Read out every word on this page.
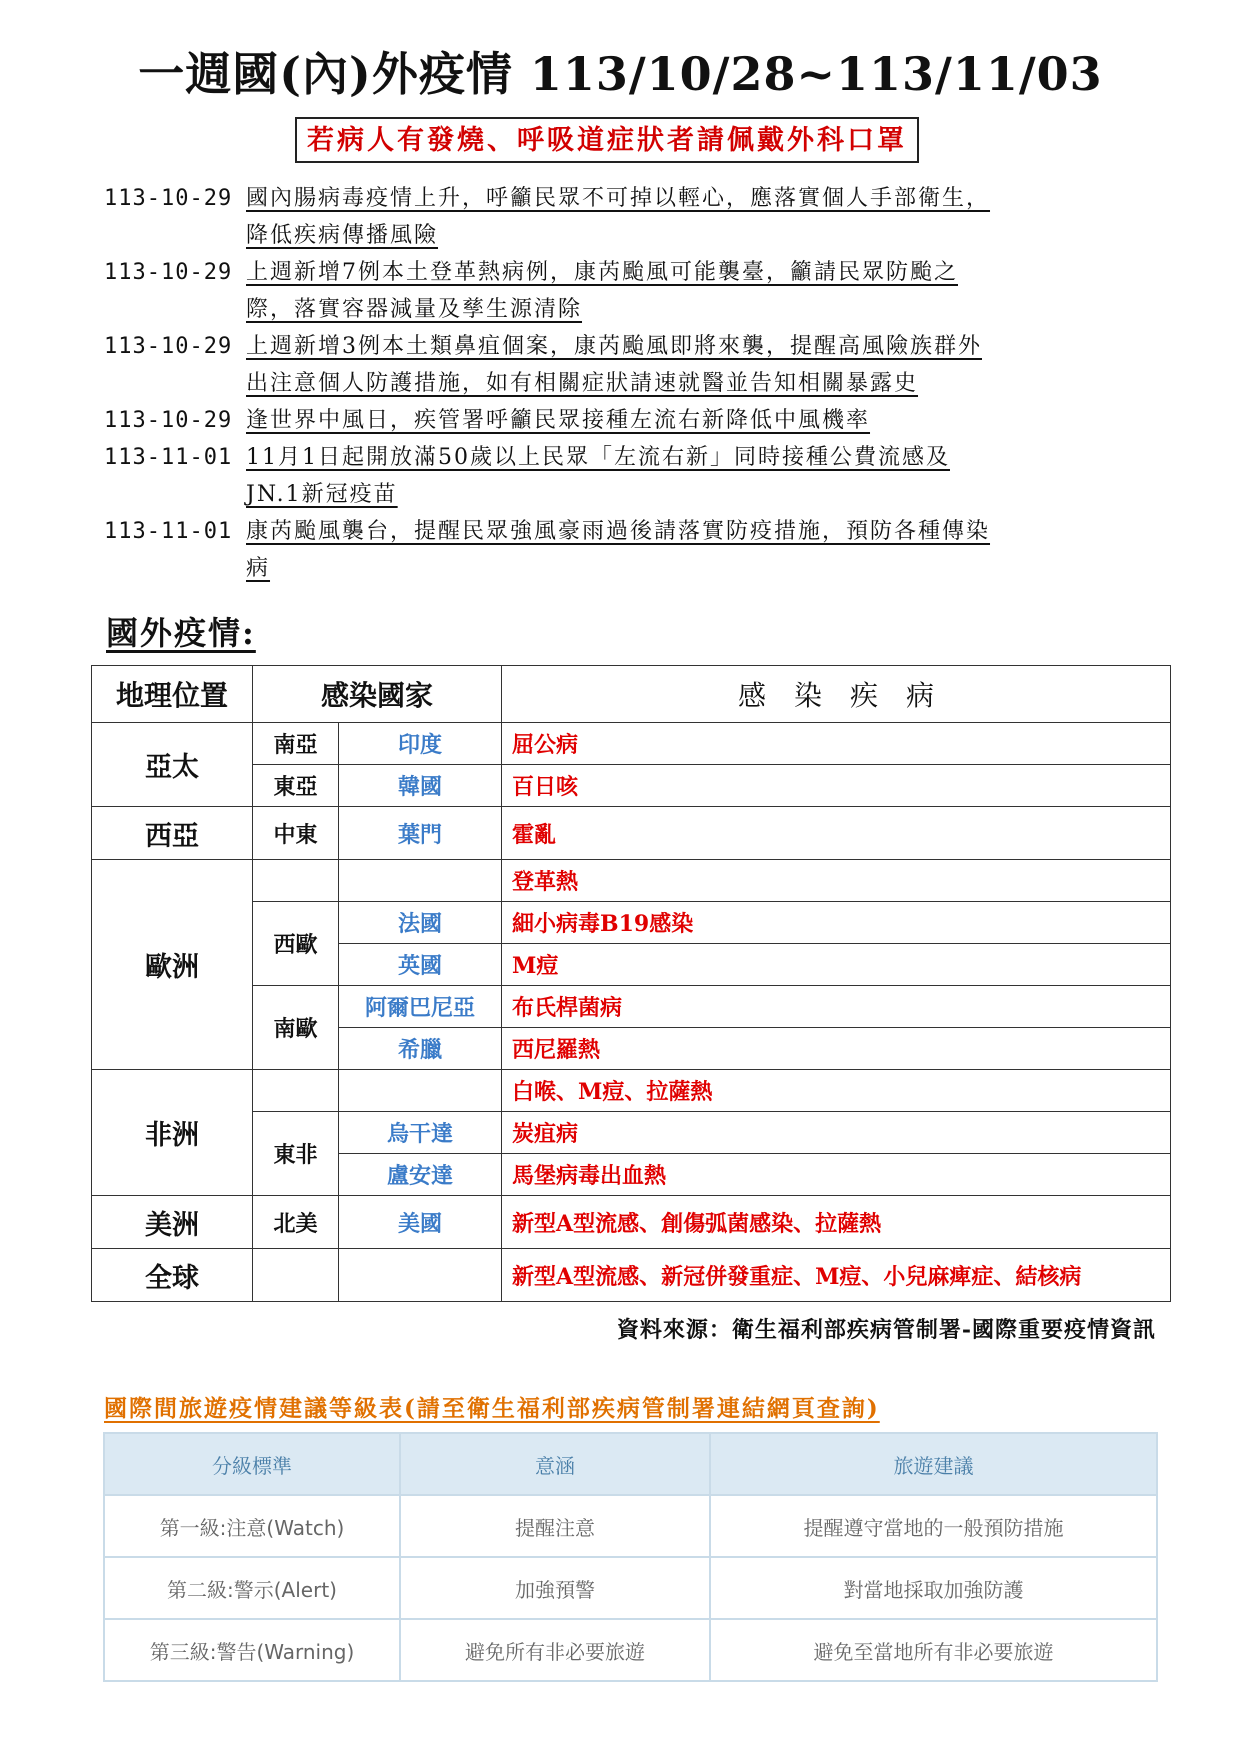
一週國(內)外疫情 113/10/28~113/11/03
若病人有發燒、呼吸道症狀者請佩戴外科口罩
113-10-29 國內腸病毒疫情上升，呼籲民眾不可掉以輕心，應落實個人手部衛生，
降低疾病傳播風險
113-10-29 上週新增7例本土登革熱病例，康芮颱風可能襲臺，籲請民眾防颱之
際，落實容器減量及孳生源清除
113-10-29 上週新增3例本土類鼻疽個案，康芮颱風即將來襲，提醒高風險族群外
出注意個人防護措施，如有相關症狀請速就醫並告知相關暴露史
113-10-29 逢世界中風日，疾管署呼籲民眾接種左流右新降低中風機率
113-11-01 11月1日起開放滿50歲以上民眾「左流右新」同時接種公費流感及
JN.1新冠疫苗
113-11-01 康芮颱風襲台，提醒民眾強風豪雨過後請落實防疫措施，預防各種傳染
病
國外疫情:
地理位置	感染國家		感　染　疾　病
亞太	南亞	印度	屈公病
	東亞	韓國	百日咳
西亞	中東	葉門	霍亂
歐洲			登革熱
	西歐	法國	細小病毒B19感染
		英國	M痘
	南歐	阿爾巴尼亞	布氏桿菌病
		希臘	西尼羅熱
非洲			白喉、M痘、拉薩熱
	東非	烏干達	炭疽病
		盧安達	馬堡病毒出血熱
美洲	北美	美國	新型A型流感、創傷弧菌感染、拉薩熱
全球			新型A型流感、新冠併發重症、M痘、小兒麻痺症、結核病
資料來源：衛生福利部疾病管制署-國際重要疫情資訊
國際間旅遊疫情建議等級表(請至衛生福利部疾病管制署連結網頁查詢)
分級標準	意涵	旅遊建議
第一級:注意(Watch)	提醒注意	提醒遵守當地的一般預防措施
第二級:警示(Alert)	加強預警	對當地採取加強防護
第三級:警告(Warning)	避免所有非必要旅遊	避免至當地所有非必要旅遊
